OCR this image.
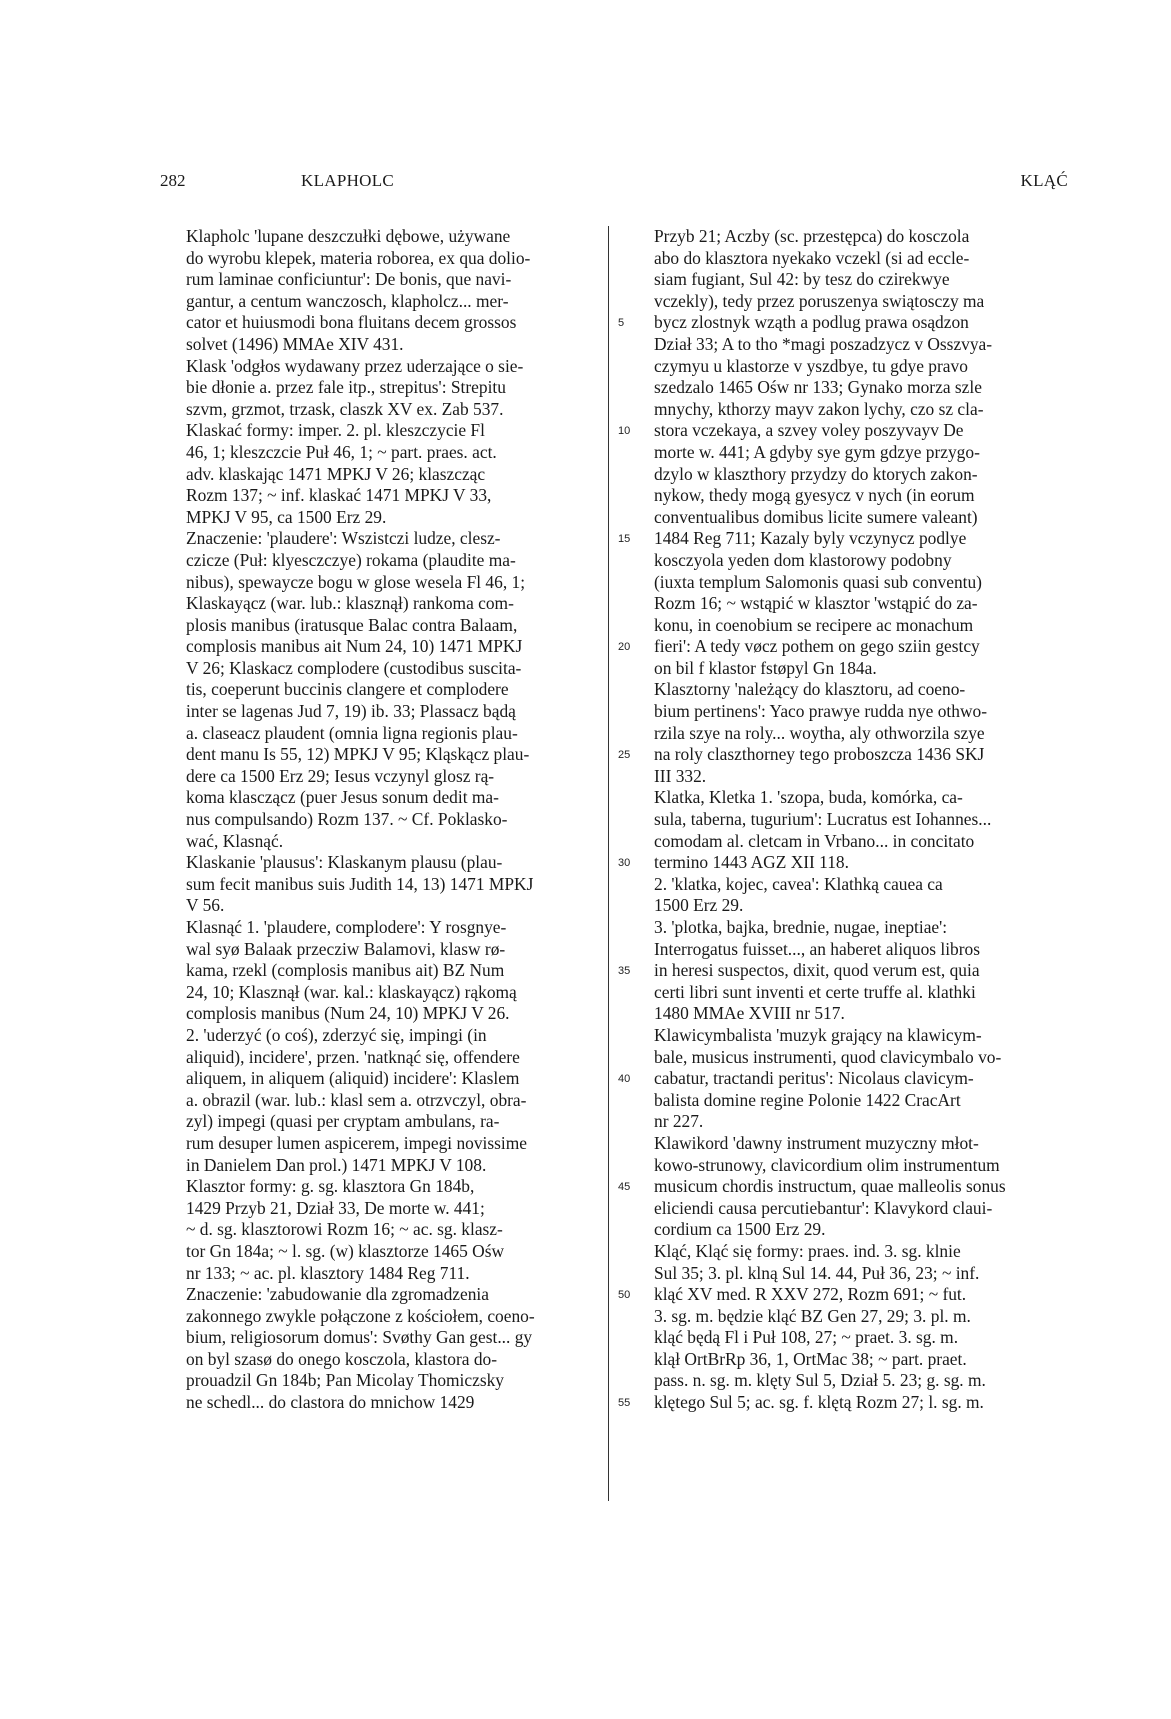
282	KLAPHOLC	KLĄĆ
Klapholc 'lupane deszczułki dębowe, używane
do wyrobu klepek, materia roborea, ex qua dolio-
rum laminae conficiuntur': De bonis, que navi-
gantur, a centum wanczosch, klapholcz... mer-
cator et huiusmodi bona fluitans decem grossos
solvet (1496) MMAe XIV 431.
Klask 'odgłos wydawany przez uderzające o sie-
bie dłonie a. przez fale itp., strepitus': Strepitu
szvm, grzmot, trzask, claszk XV ex. Zab 537.
Klaskać formy: imper. 2. pl. kleszczycie Fl
46, 1; kleszczcie Puł 46, 1; ~ part. praes. act.
adv. klaskając 1471 MPKJ V 26; klaszcząc
Rozm 137; ~ inf. klaskać 1471 MPKJ V 33,
MPKJ V 95, ca 1500 Erz 29.
Znaczenie: 'plaudere': Wszistczi ludze, clesz-
czicze (Puł: klyesczczye) rokama (plaudite ma-
nibus), spewaycze bogu w glose wesela Fl 46, 1;
Klaskayącz (war. lub.: klasznął) rankoma com-
plosis manibus (iratusque Balac contra Balaam,
complosis manibus ait Num 24, 10) 1471 MPKJ
V 26; Klaskacz complodere (custodibus suscita-
tis, coeperunt buccinis clangere et complodere
inter se lagenas Jud 7, 19) ib. 33; Plassacz bądą
a. claseacz plaudent (omnia ligna regionis plau-
dent manu Is 55, 12) MPKJ V 95; Kląskącz plau-
dere ca 1500 Erz 29; Iesus vczynyl glosz rą-
koma klasczącz (puer Jesus sonum dedit ma-
nus compulsando) Rozm 137. ~ Cf. Poklasko-
wać, Klasnąć.
Klaskanie 'plausus': Klaskanym plausu (plau-
sum fecit manibus suis Judith 14, 13) 1471 MPKJ
V 56.
Klasnąć 1. 'plaudere, complodere': Y rosgnye-
wal syø Balaak przecziw Balamovi, klasw rø-
kama, rzekl (complosis manibus ait) BZ Num
24, 10; Klasznął (war. kal.: klaskayącz) rąkomą
complosis manibus (Num 24, 10) MPKJ V 26.
2. 'uderzyć (o coś), zderzyć się, impingi (in
aliquid), incidere', przen. 'natknąć się, offendere
aliquem, in aliquem (aliquid) incidere': Klaslem
a. obrazil (war. lub.: klasl sem a. otrzvczyl, obra-
zyl) impegi (quasi per cryptam ambulans, ra-
rum desuper lumen aspicerem, impegi novissime
in Danielem Dan prol.) 1471 MPKJ V 108.
Klasztor formy: g. sg. klasztora Gn 184b,
1429 Przyb 21, Dział 33, De morte w. 441;
~ d. sg. klasztorowi Rozm 16; ~ ac. sg. klasz-
tor Gn 184a; ~ l. sg. (w) klasztorze 1465 Ośw
nr 133; ~ ac. pl. klasztory 1484 Reg 711.
Znaczenie: 'zabudowanie dla zgromadzenia
zakonnego zwykle połączone z kościołem, coeno-
bium, religiosorum domus': Svøthy Gan gest... gy
on byl szasø do onego kosczola, klastora do-
prouadzil Gn 184b; Pan Micolay Thomiczsky
ne schedl... do clastora do mnichow 1429
5
10
15
20
25
30
35
40
45
50
55
Przyb 21; Aczby (sc. przestępca) do kosczola
abo do klasztora nyekako vczekl (si ad eccle-
siam fugiant, Sul 42: by tesz do czirekwye
vczekly), tedy przez poruszenya swiątosczy ma
bycz zlostnyk wząth a podlug prawa osądzon
Dział 33; A to tho *magi poszadzycz v Osszvya-
czymyu u klastorze v yszdbye, tu gdye pravo
szedzalo 1465 Ośw nr 133; Gynako morza szle
mnychy, kthorzy mayv zakon lychy, czo sz cla-
stora vczekaya, a szvey voley poszyvayv De
morte w. 441; A gdyby sye gym gdzye przygo-
dzylo w klaszthory przydzy do ktorych zakon-
nykow, thedy mogą gyesycz v nych (in eorum
conventualibus domibus licite sumere valeant)
1484 Reg 711; Kazaly byly vczynycz podlye
kosczyola yeden dom klastorowy podobny
(iuxta templum Salomonis quasi sub conventu)
Rozm 16; ~ wstąpić w klasztor 'wstąpić do za-
konu, in coenobium se recipere ac monachum
fieri': A tedy vøcz pothem on gego sziin gestcy
on bil f klastor fstøpyl Gn 184a.
Klasztorny 'należący do klasztoru, ad coeno-
bium pertinens': Yaco prawye rudda nye othwo-
rzila szye na roly... woytha, aly othworzila szye
na roly claszthorney tego proboszcza 1436 SKJ
III 332.
Klatka, Kletka 1. 'szopa, buda, komórka, ca-
sula, taberna, tugurium': Lucratus est Iohannes...
comodam al. cletcam in Vrbano... in concitato
termino 1443 AGZ XII 118.
2. 'klatka, kojec, cavea': Klathką cauea ca
1500 Erz 29.
3. 'plotka, bajka, brednie, nugae, ineptiae':
Interrogatus fuisset..., an haberet aliquos libros
in heresi suspectos, dixit, quod verum est, quia
certi libri sunt inventi et certe truffe al. klathki
1480 MMAe XVIII nr 517.
Klawicymbalista 'muzyk grający na klawicym-
bale, musicus instrumenti, quod clavicymbalo vo-
cabatur, tractandi peritus': Nicolaus clavicym-
balista domine regine Polonie 1422 CracArt
nr 227.
Klawikord 'dawny instrument muzyczny młot-
kowo-strunowy, clavicordium olim instrumentum
musicum chordis instructum, quae malleolis sonus
eliciendi causa percutiebantur': Klavykord claui-
cordium ca 1500 Erz 29.
Kląć, Kląć się formy: praes. ind. 3. sg. klnie
Sul 35; 3. pl. klną Sul 14. 44, Puł 36, 23; ~ inf.
kląć XV med. R XXV 272, Rozm 691; ~ fut.
3. sg. m. będzie kląć BZ Gen 27, 29; 3. pl. m.
kląć będą Fl i Puł 108, 27; ~ praet. 3. sg. m.
klął OrtBrRp 36, 1, OrtMac 38; ~ part. praet.
pass. n. sg. m. klęty Sul 5, Dział 5. 23; g. sg. m.
klętego Sul 5; ac. sg. f. klętą Rozm 27; l. sg. m.
